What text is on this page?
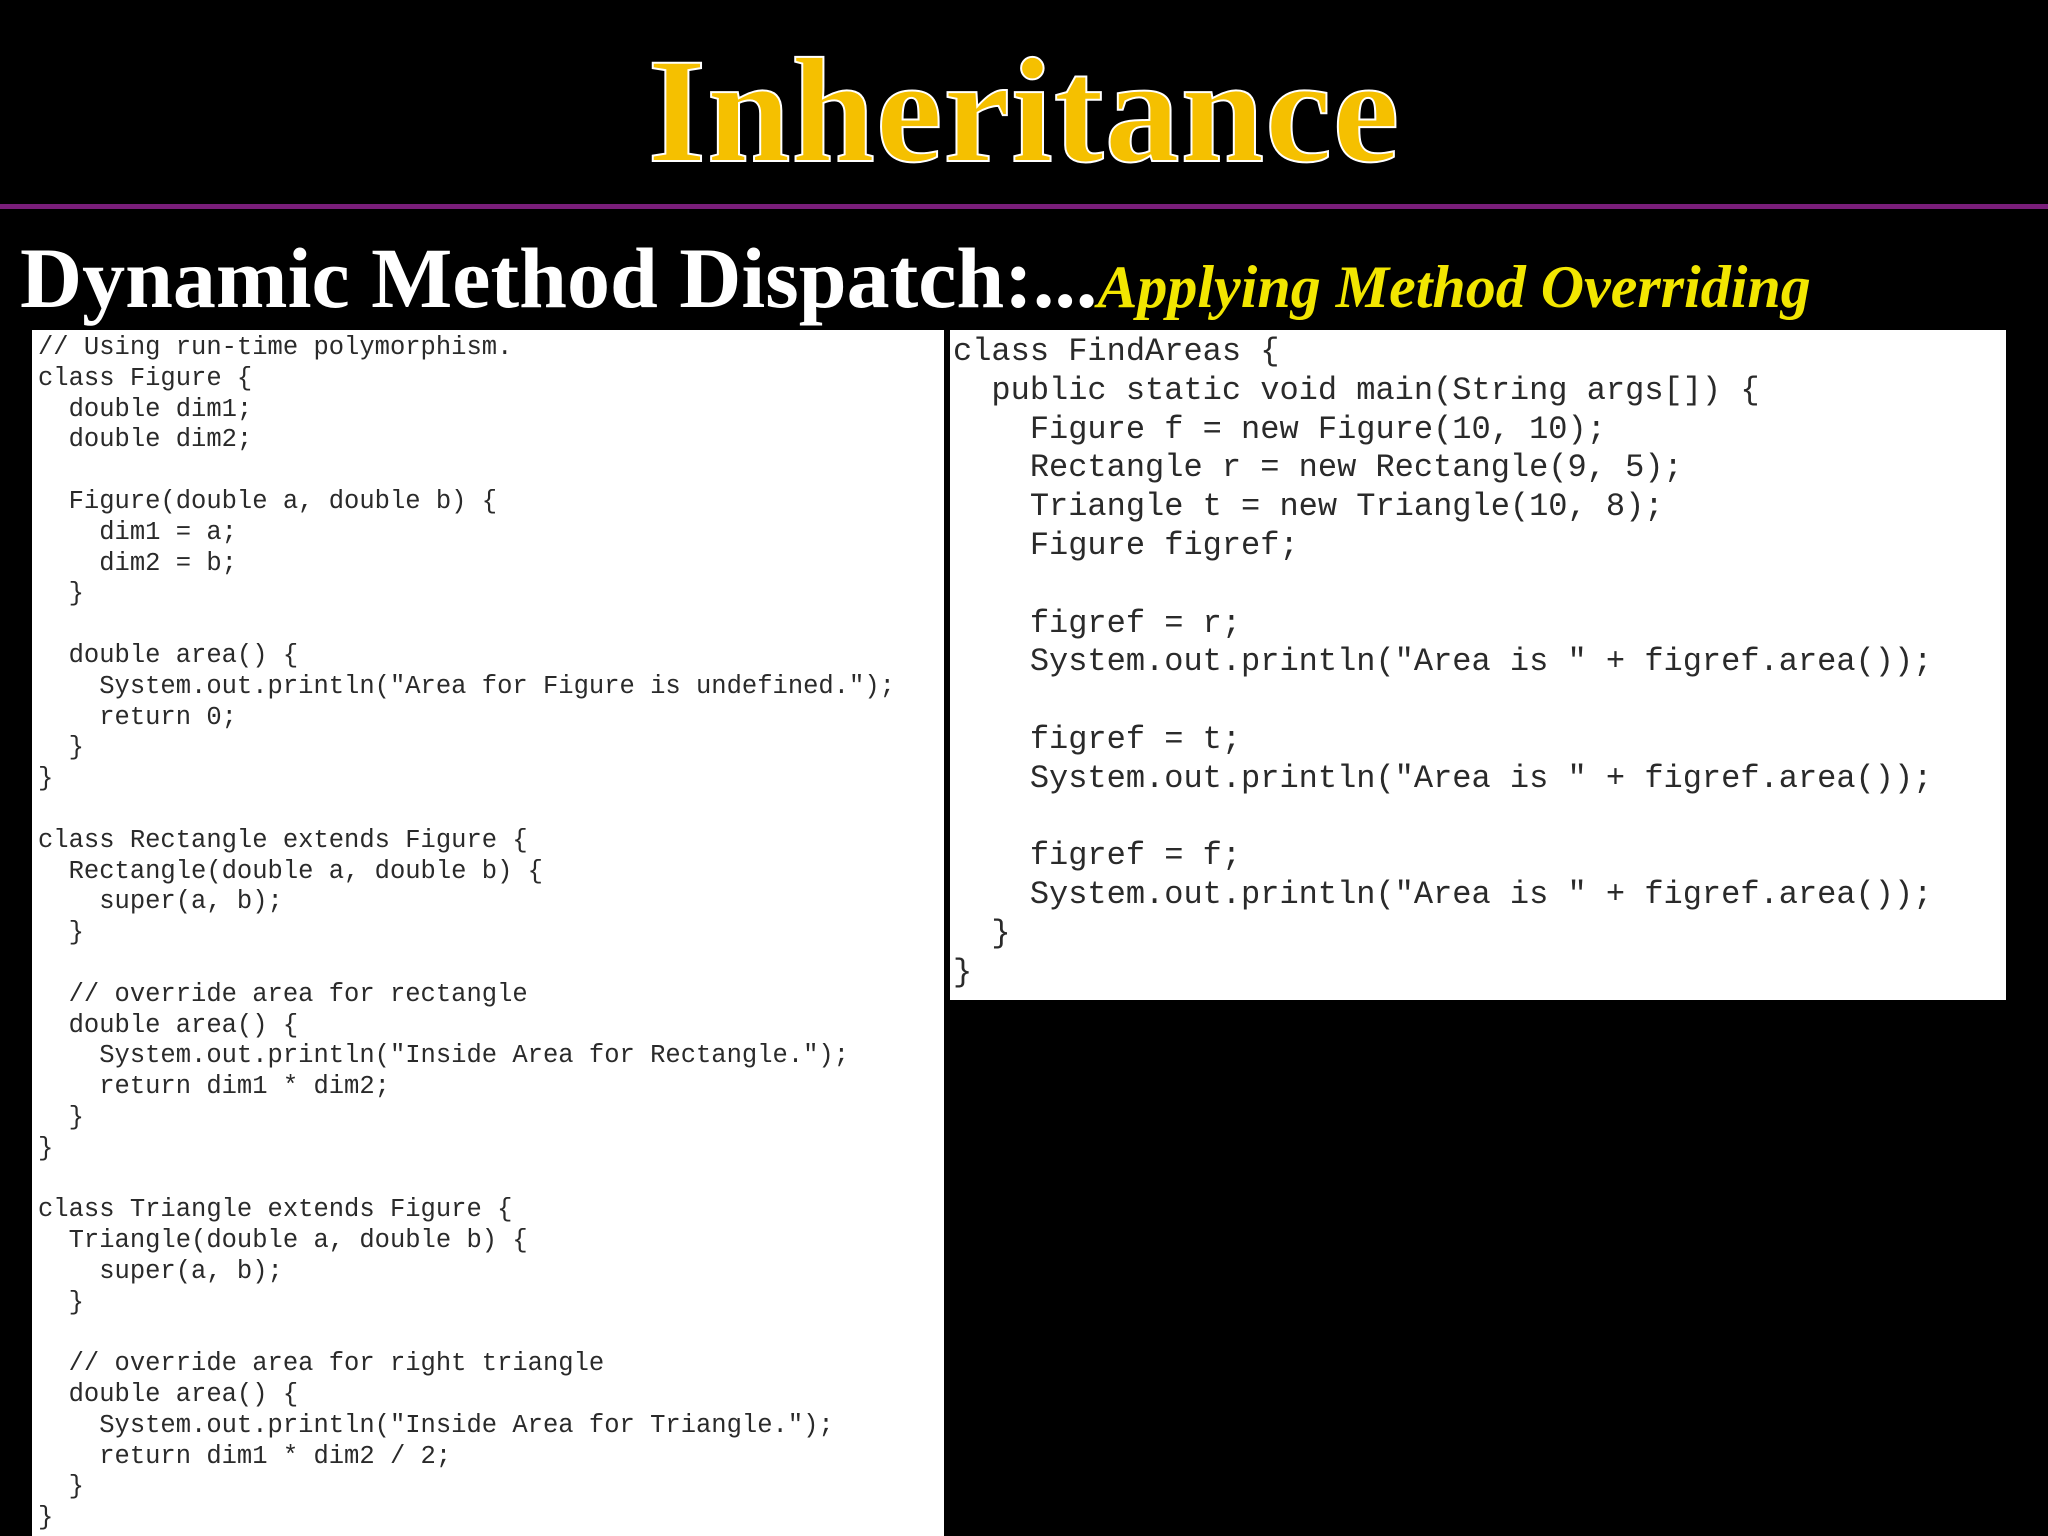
Inheritance
Dynamic Method Dispatch:...Applying Method Overriding
// Using run-time polymorphism.
class Figure {
double dim1;
double dim2;
Figure(double a, double b) {
dim1 = a;
dim2 = b;
}
double area() {
System.out.println("Area for Figure is undefined.");
return 0;
}
}
class Rectangle extends Figure {
Rectangle(double a, double b) {
super(a, b);
}
// override area for rectangle
double area() {
System.out.println("Inside Area for Rectangle.");
return dim1 * dim2;
}
}
class Triangle extends Figure {
Triangle(double a, double b) {
super(a, b);
}
// override area for right triangle
double area() {
System.out.println("Inside Area for Triangle.");
return dim1 * dim2 / 2;
}
}
class FindAreas {
public static void main(String args[]) {
Figure f = new Figure(10, 10);
Rectangle r = new Rectangle(9, 5);
Triangle t = new Triangle(10, 8);
Figure figref;
figref = r;
System.out.println("Area is " + figref.area());
figref = t;
System.out.println("Area is " + figref.area());
figref = f;
System.out.println("Area is " + figref.area());
}
}
